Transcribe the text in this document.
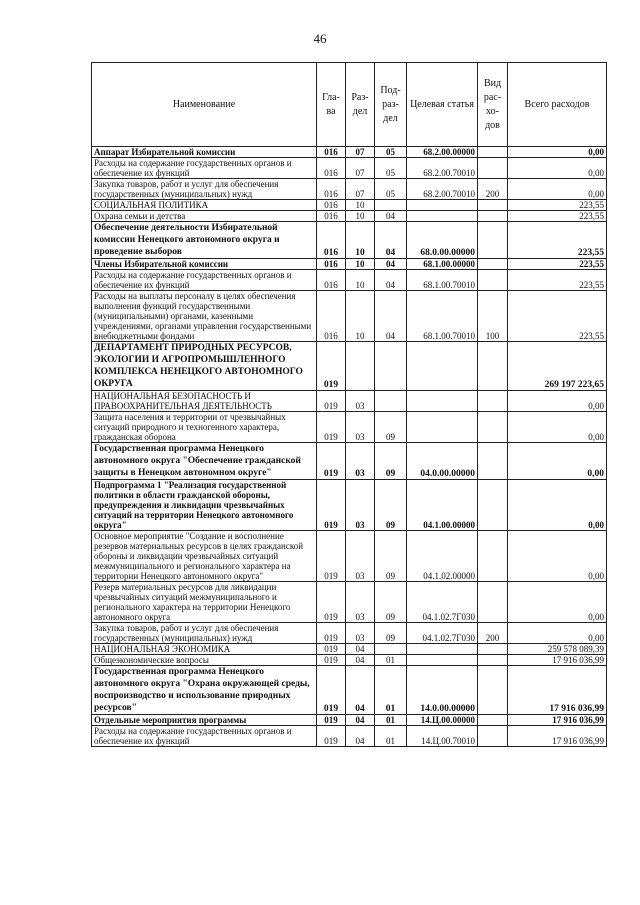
46
Наименование	Гла-ва	Раз-дел	Под-раз-дел	Целевая статья	Вид рас-хо-дов	Всего расходов
Аппарат Избирательной комиссии	016	07	05	68.2.00.00000		0,00
Расходы на содержание государственных органов и обеспечение их функций	016	07	05	68.2.00.70010		0,00
Закупка товаров, работ и услуг для обеспечения государственных (муниципальных) нужд	016	07	05	68.2.00.70010	200	0,00
СОЦИАЛЬНАЯ ПОЛИТИКА	016	10				223,55
Охрана семьи и детства	016	10	04			223,55
Обеспечение деятельности Избирательной комиссии Ненецкого автономного округа и проведение выборов	016	10	04	68.0.00.00000		223,55
Члены Избирательной комиссии	016	10	04	68.1.00.00000		223,55
Расходы на содержание государственных органов и обеспечение их функций	016	10	04	68.1.00.70010		223,55
Расходы на выплаты персоналу в целях обеспечения выполнения функций государственными (муниципальными) органами, казенными учреждениями, органами управления государственными внебюджетными фондами	016	10	04	68.1.00.70010	100	223,55
ДЕПАРТАМЕНТ ПРИРОДНЫХ РЕСУРСОВ, ЭКОЛОГИИ И АГРОПРОМЫШЛЕННОГО КОМПЛЕКСА НЕНЕЦКОГО АВТОНОМНОГО ОКРУГА	019					269 197 223,65
НАЦИОНАЛЬНАЯ БЕЗОПАСНОСТЬ И ПРАВООХРАНИТЕЛЬНАЯ ДЕЯТЕЛЬНОСТЬ	019	03				0,00
Защита населения и территории от чрезвычайных ситуаций природного и техногенного характера, гражданская оборона	019	03	09			0,00
Государственная программа Ненецкого автономного округа "Обеспечение гражданской защиты в Ненецком автономном округе"	019	03	09	04.0.00.00000		0,00
Подпрограмма 1 "Реализация государственной политики в области гражданской обороны, предупреждения и ликвидации чрезвычайных ситуаций на территории Ненецкого автономного округа"	019	03	09	04.1.00.00000		0,00
Основное мероприятие "Создание и восполнение резервов материальных ресурсов в целях гражданской обороны и ликвидации чрезвычайных ситуаций межмуниципального и регионального характера на территории Ненецкого автономного округа"	019	03	09	04.1.02.00000		0,00
Резерв материальных ресурсов для ликвидации чрезвычайных ситуаций межмуниципального и регионального характера на территории Ненецкого автономного округа	019	03	09	04.1.02.7Г030		0,00
Закупка товаров, работ и услуг для обеспечения государственных (муниципальных) нужд	019	03	09	04.1.02.7Г030	200	0,00
НАЦИОНАЛЬНАЯ ЭКОНОМИКА	019	04				259 578 089,39
Общеэкономические вопросы	019	04	01			17 916 036,99
Государственная программа Ненецкого автономного округа "Охрана окружающей среды, воспроизводство и использование природных ресурсов"	019	04	01	14.0.00.00000		17 916 036,99
Отдельные мероприятия программы	019	04	01	14.Ц.00.00000		17 916 036,99
Расходы на содержание государственных органов и обеспечение их функций	019	04	01	14.Ц.00.70010		17 916 036,99
